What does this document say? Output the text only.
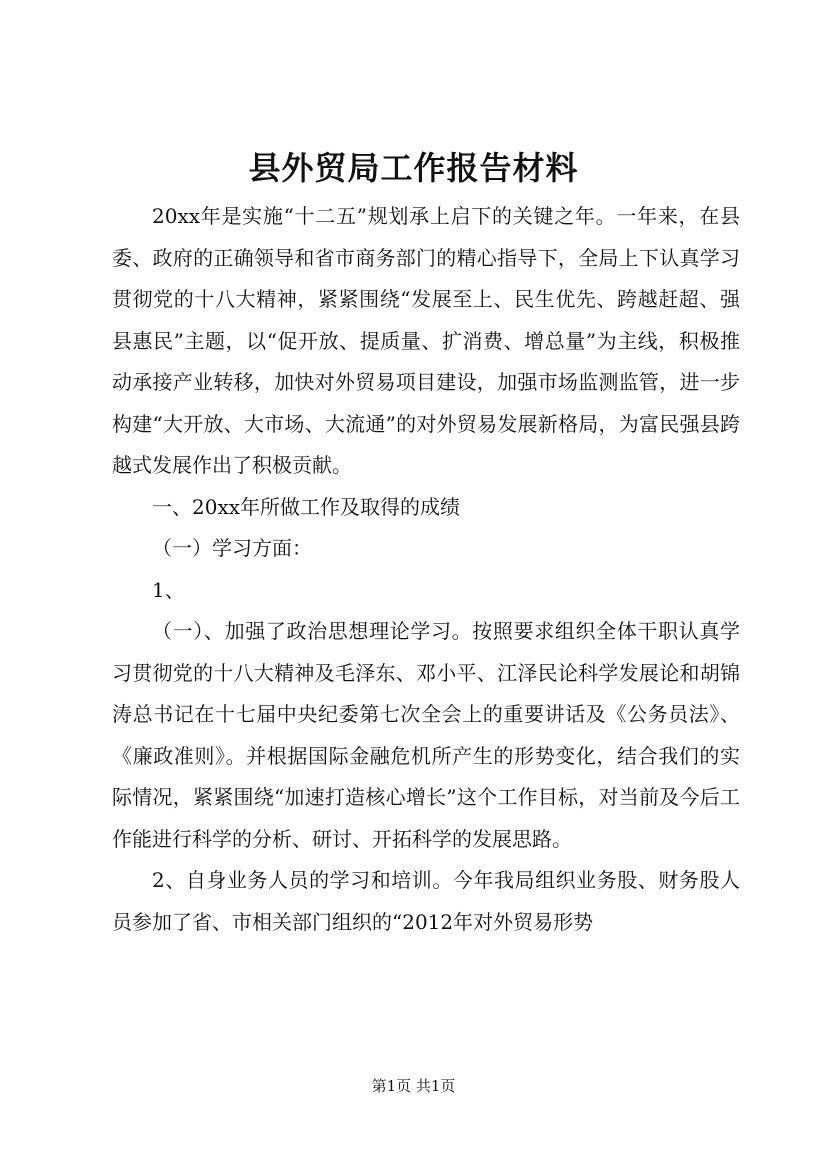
县外贸局工作报告材料

20xx年是实施“十二五”规划承上启下的关键之年。一年来，在县委、政府的正确领导和省市商务部门的精心指导下，全局上下认真学习贯彻党的十八大精神，紧紧围绕“发展至上、民生优先、跨越赶超、强县惠民”主题，以“促开放、提质量、扩消费、增总量”为主线，积极推动承接产业转移，加快对外贸易项目建设，加强市场监测监管，进一步构建“大开放、大市场、大流通”的对外贸易发展新格局，为富民强县跨越式发展作出了积极贡献。

一、20xx年所做工作及取得的成绩

（一）学习方面：

1、

（一）、加强了政治思想理论学习。按照要求组织全体干职认真学习贯彻党的十八大精神及毛泽东、邓小平、江泽民论科学发展论和胡锦涛总书记在十七届中央纪委第七次全会上的重要讲话及《公务员法》、《廉政准则》。并根据国际金融危机所产生的形势变化，结合我们的实际情况，紧紧围绕“加速打造核心增长”这个工作目标，对当前及今后工作能进行科学的分析、研讨、开拓科学的发展思路。

2、自身业务人员的学习和培训。今年我局组织业务股、财务股人员参加了省、市相关部门组织的“2012年对外贸易形势

第1页 共1页
